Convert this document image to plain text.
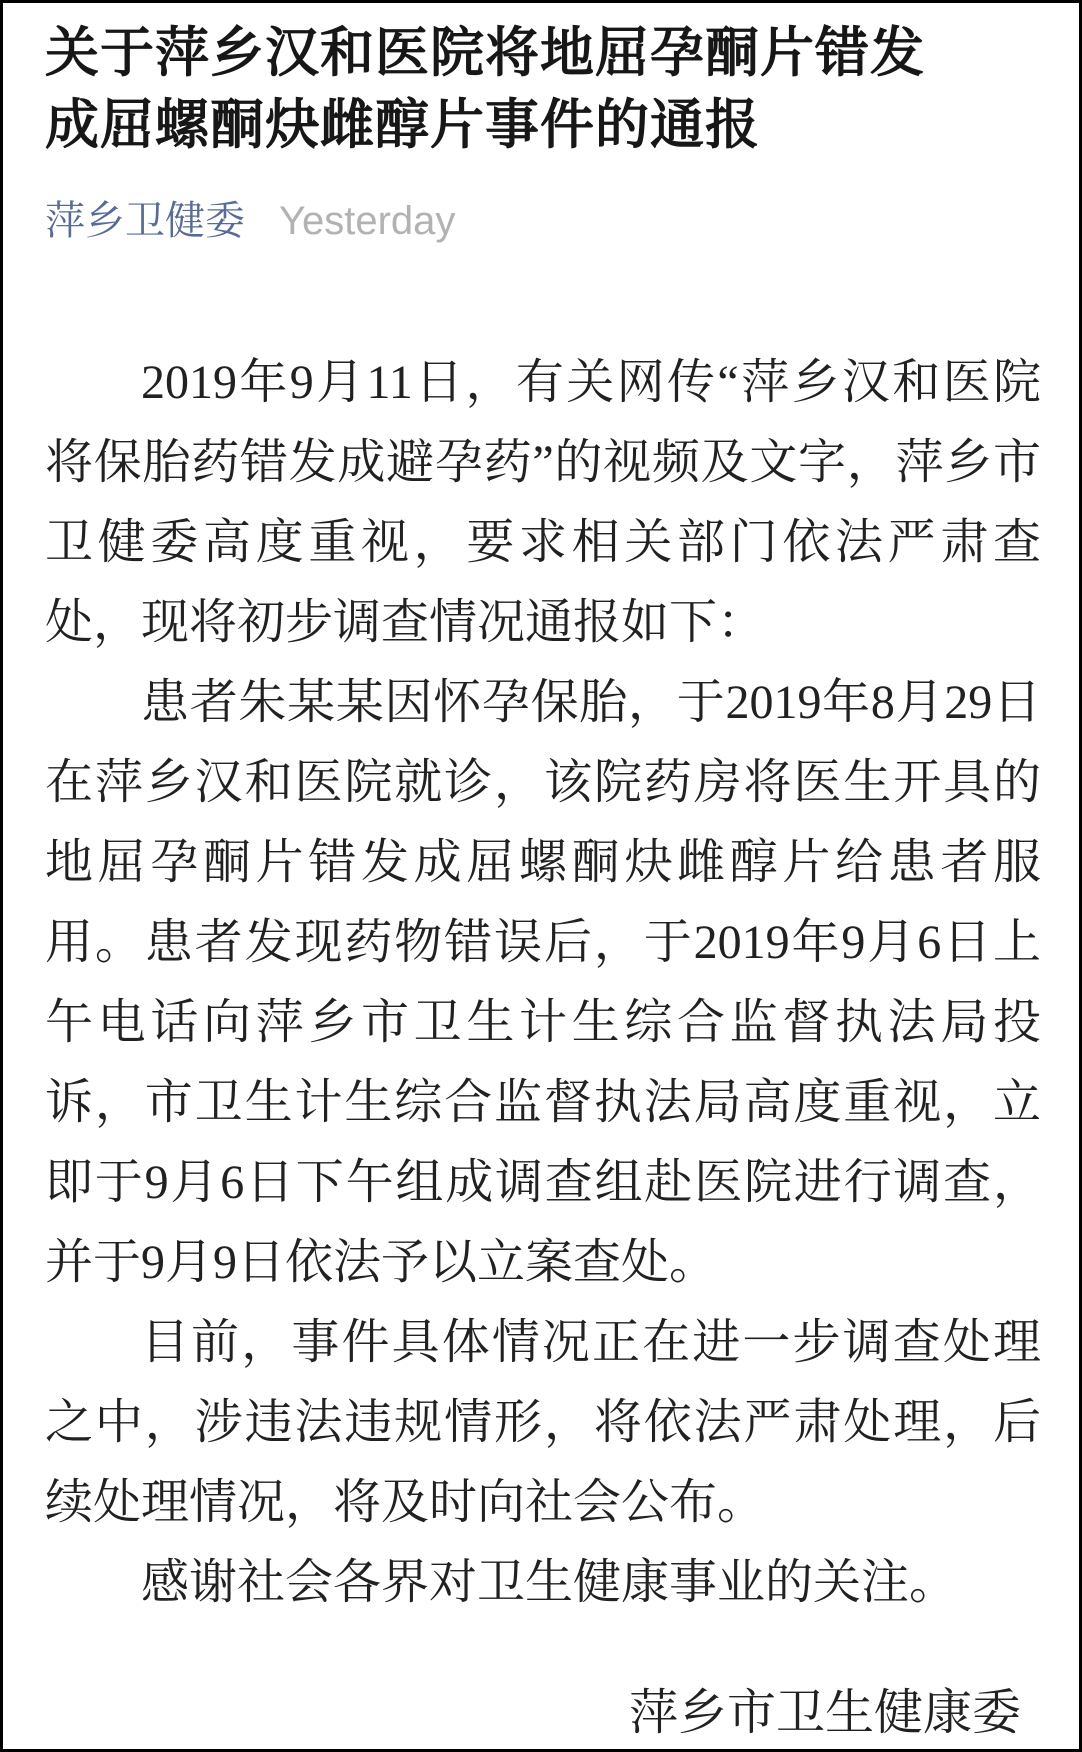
关于萍乡汉和医院将地屈孕酮片错发
成屈螺酮炔雌醇片事件的通报
萍乡卫健委 Yesterday

2019年9月11日，有关网传“萍乡汉和医院将保胎药错发成避孕药”的视频及文字，萍乡市卫健委高度重视，要求相关部门依法严肃查处，现将初步调查情况通报如下：

患者朱某某因怀孕保胎，于2019年8月29日在萍乡汉和医院就诊，该院药房将医生开具的地屈孕酮片错发成屈螺酮炔雌醇片给患者服用。患者发现药物错误后，于2019年9月6日上午电话向萍乡市卫生计生综合监督执法局投诉，市卫生计生综合监督执法局高度重视，立即于9月6日下午组成调查组赴医院进行调查，并于9月9日依法予以立案查处。

目前，事件具体情况正在进一步调查处理之中，涉违法违规情形，将依法严肃处理，后续处理情况，将及时向社会公布。

感谢社会各界对卫生健康事业的关注。

萍乡市卫生健康委
